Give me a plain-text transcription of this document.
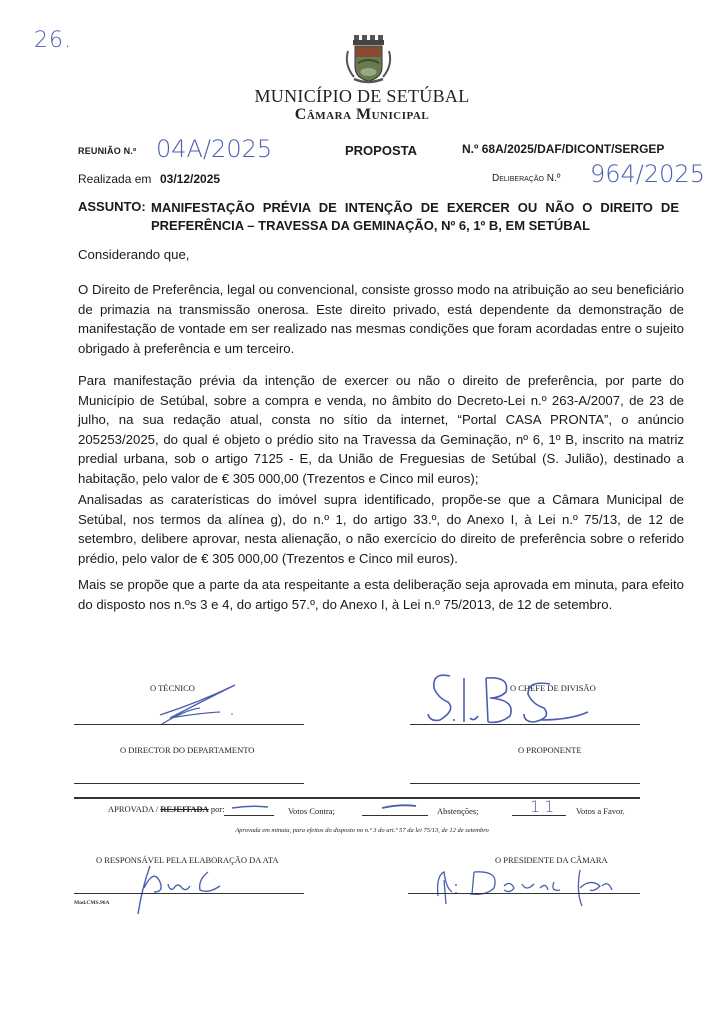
26.
MUNICÍPIO DE SETÚBAL
Câmara Municipal
REUNIÃO N.º 04A/2025	PROPOSTA	N.º 68A/2025/DAF/DICONT/SERGEP
Realizada em 03/12/2025	Deliberação N.º 964/2025
ASSUNTO: MANIFESTAÇÃO PRÉVIA DE INTENÇÃO DE EXERCER OU NÃO O DIREITO DE PREFERÊNCIA – TRAVESSA DA GEMINAÇÃO, Nº 6, 1º B, EM SETÚBAL
Considerando que,
O Direito de Preferência, legal ou convencional, consiste grosso modo na atribuição ao seu beneficiário de primazia na transmissão onerosa. Este direito privado, está dependente da demonstração de manifestação de vontade em ser realizado nas mesmas condições que foram acordadas entre o sujeito obrigado à preferência e um terceiro.
Para manifestação prévia da intenção de exercer ou não o direito de preferência, por parte do Município de Setúbal, sobre a compra e venda, no âmbito do Decreto-Lei n.º 263-A/2007, de 23 de julho, na sua redação atual, consta no sítio da internet, “Portal CASA PRONTA”, o anúncio 205253/2025, do qual é objeto o prédio sito na Travessa da Geminação, nº 6, 1º B, inscrito na matriz predial urbana, sob o artigo 7125 - E, da União de Freguesias de Setúbal (S. Julião), destinado a habitação, pelo valor de € 305 000,00 (Trezentos e Cinco mil euros);
Analisadas as caraterísticas do imóvel supra identificado, propõe-se que a Câmara Municipal de Setúbal, nos termos da alínea g), do n.º 1, do artigo 33.º, do Anexo I, à Lei n.º 75/13, de 12 de setembro, delibere aprovar, nesta alienação, o não exercício do direito de preferência sobre o referido prédio, pelo valor de € 305 000,00 (Trezentos e Cinco mil euros).
Mais se propõe que a parte da ata respeitante a esta deliberação seja aprovada em minuta, para efeito do disposto nos n.ºs 3 e 4, do artigo 57.º, do Anexo I, à Lei n.º 75/2013, de 12 de setembro.
O TÉCNICO	O CHEFE DE DIVISÃO
O DIRECTOR DO DEPARTAMENTO	O PROPONENTE
APROVADA / REJEITADA por:	Votos Contra;	Abstenções;	11 Votos a Favor.
Aprovada em minuta, para efeitos do disposto no n.º 3 do art.º 57 da lei 75/13, de 12 de setembro
O RESPONSÁVEL PELA ELABORAÇÃO DA ATA
Mod.CMS.96A
O PRESIDENTE DA CÂMARA
